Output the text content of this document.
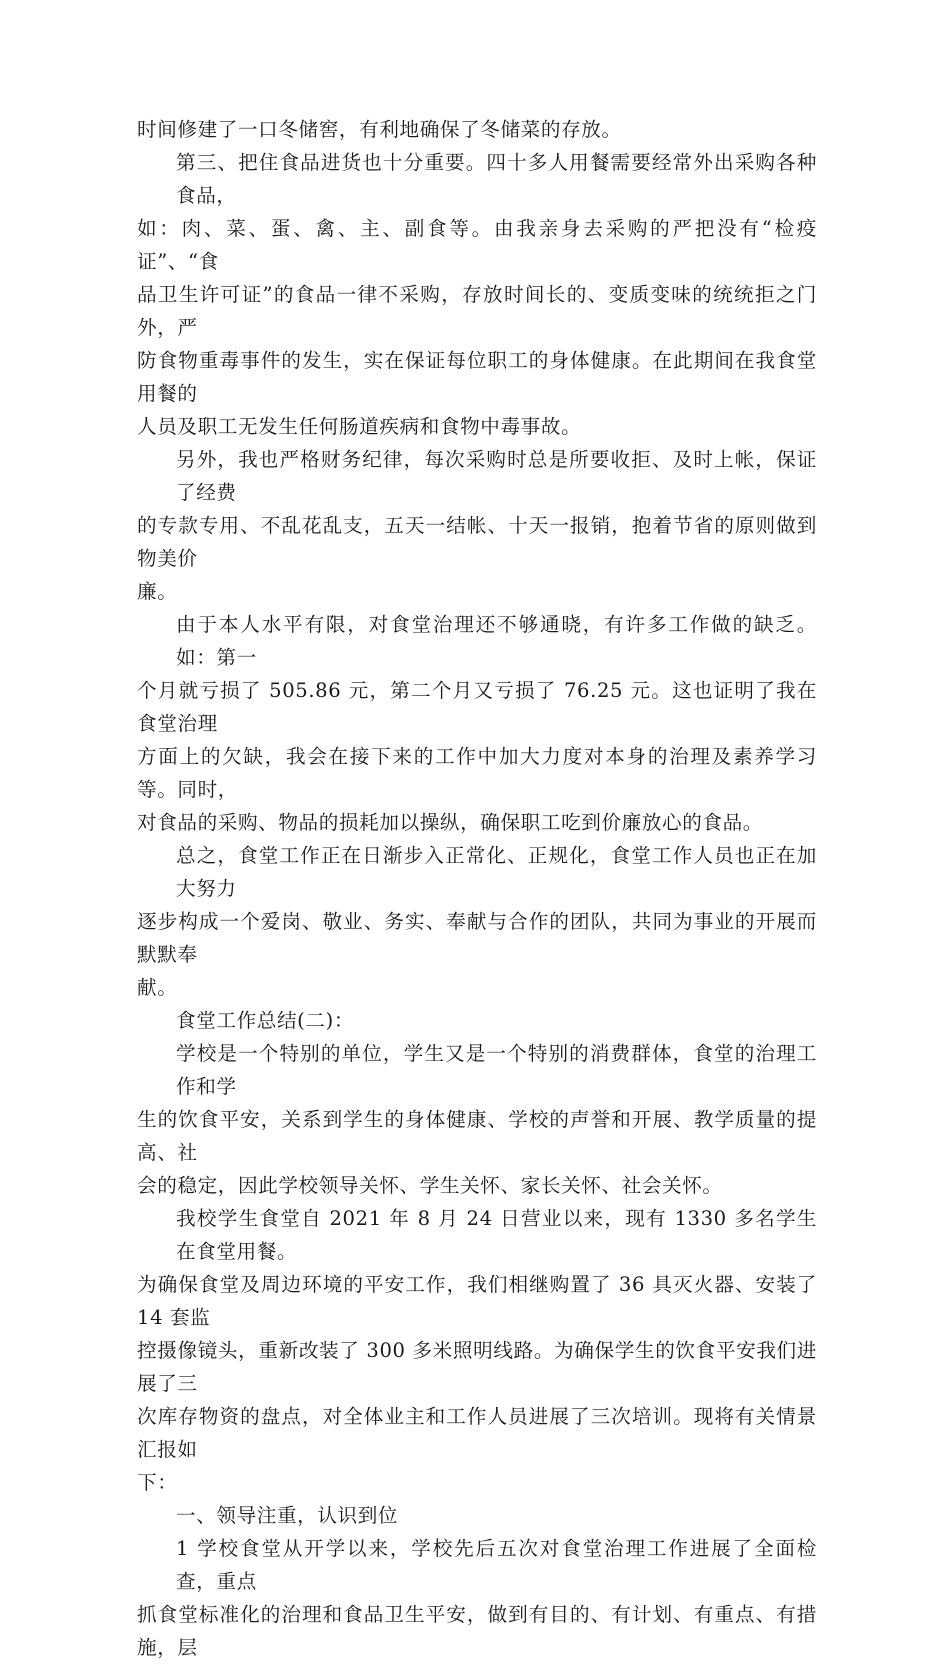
时间修建了一口冬储窖，有利地确保了冬储菜的存放。
第三、把住食品进货也十分重要。四十多人用餐需要经常外出采购各种食品，
如：肉、菜、蛋、禽、主、副食等。由我亲身去采购的严把没有“检疫证”、“食
品卫生许可证”的食品一律不采购，存放时间长的、变质变味的统统拒之门外，严
防食物重毒事件的发生，实在保证每位职工的身体健康。在此期间在我食堂用餐的
人员及职工无发生任何肠道疾病和食物中毒事故。
另外，我也严格财务纪律，每次采购时总是所要收拒、及时上帐，保证了经费
的专款专用、不乱花乱支，五天一结帐、十天一报销，抱着节省的原则做到物美价
廉。
由于本人水平有限，对食堂治理还不够通晓，有许多工作做的缺乏。如：第一
个月就亏损了 505.86 元，第二个月又亏损了 76.25 元。这也证明了我在食堂治理
方面上的欠缺，我会在接下来的工作中加大力度对本身的治理及素养学习等。同时，
对食品的采购、物品的损耗加以操纵，确保职工吃到价廉放心的食品。
总之，食堂工作正在日渐步入正常化、正规化，食堂工作人员也正在加大努力
逐步构成一个爱岗、敬业、务实、奉献与合作的团队，共同为事业的开展而默默奉
献。
食堂工作总结(二)：
学校是一个特别的单位，学生又是一个特别的消费群体，食堂的治理工作和学
生的饮食平安，关系到学生的身体健康、学校的声誉和开展、教学质量的提高、社
会的稳定，因此学校领导关怀、学生关怀、家长关怀、社会关怀。
我校学生食堂自 2021 年 8 月 24 日营业以来，现有 1330 多名学生在食堂用餐。
为确保食堂及周边环境的平安工作，我们相继购置了 36 具灭火器、安装了 14 套监
控摄像镜头，重新改装了 300 多米照明线路。为确保学生的饮食平安我们进展了三
次库存物资的盘点，对全体业主和工作人员进展了三次培训。现将有关情景汇报如
下：
一、领导注重，认识到位
1 学校食堂从开学以来，学校先后五次对食堂治理工作进展了全面检查，重点
抓食堂标准化的治理和食品卫生平安，做到有目的、有计划、有重点、有措施，层
